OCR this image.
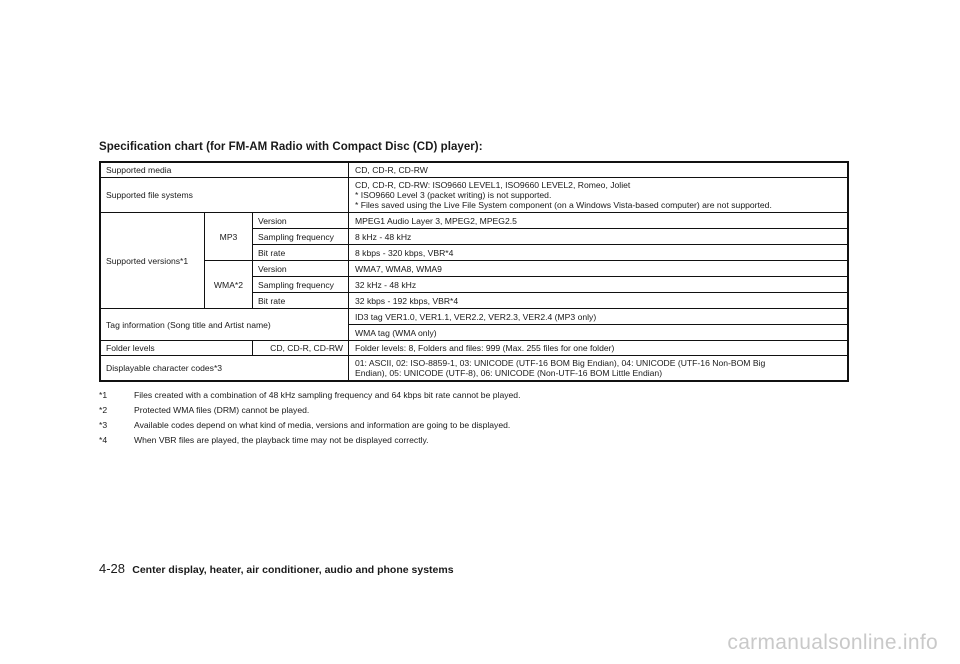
Specification chart (for FM-AM Radio with Compact Disc (CD) player):
Supported media			CD, CD-R, CD-RW
Supported file systems			CD, CD-R, CD-RW: ISO9660 LEVEL1, ISO9660 LEVEL2, Romeo, Joliet
* ISO9660 Level 3 (packet writing) is not supported.
* Files saved using the Live File System component (on a Windows Vista-based computer) are not supported.

Supported versions*1	MP3	Version	MPEG1 Audio Layer 3, MPEG2, MPEG2.5
		Sampling frequency	8 kHz - 48 kHz
		Bit rate	8 kbps - 320 kbps, VBR*4
	WMA*2	Version	WMA7, WMA8, WMA9
		Sampling frequency	32 kHz - 48 kHz
		Bit rate	32 kbps - 192 kbps, VBR*4
Tag information (Song title and Artist name)			ID3 tag VER1.0, VER1.1, VER2.2, VER2.3, VER2.4 (MP3 only)
			WMA tag (WMA only)
Folder levels		CD, CD-R, CD-RW	Folder levels: 8, Folders and files: 999 (Max. 255 files for one folder)
Displayable character codes*3			01: ASCII, 02: ISO-8859-1, 03: UNICODE (UTF-16 BOM Big Endian), 04: UNICODE (UTF-16 Non-BOM Big
Endian), 05: UNICODE (UTF-8), 06: UNICODE (Non-UTF-16 BOM Little Endian)
*1	Files created with a combination of 48 kHz sampling frequency and 64 kbps bit rate cannot be played.
*2	Protected WMA files (DRM) cannot be played.
*3	Available codes depend on what kind of media, versions and information are going to be displayed.
*4	When VBR files are played, the playback time may not be displayed correctly.
4-28 Center display, heater, air conditioner, audio and phone systems
carmanualsonline.info
